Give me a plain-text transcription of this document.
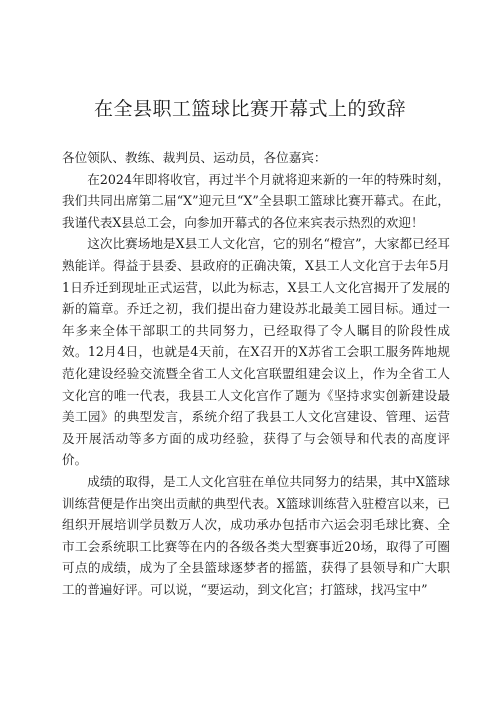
在全县职工篮球比赛开幕式上的致辞

各位领队、教练、裁判员、运动员，各位嘉宾：

在2024年即将收官，再过半个月就将迎来新的一年的特殊时刻，我们共同出席第二届“X”迎元旦“X”全县职工篮球比赛开幕式。在此，我谨代表X县总工会，向参加开幕式的各位来宾表示热烈的欢迎！

这次比赛场地是X县工人文化宫，它的别名“橙宫”，大家都已经耳熟能详。得益于县委、县政府的正确决策，X县工人文化宫于去年5月1日乔迁到现址正式运营，以此为标志，X县工人文化宫揭开了发展的新的篇章。乔迁之初，我们提出奋力建设苏北最美工园目标。通过一年多来全体干部职工的共同努力，已经取得了令人瞩目的阶段性成效。12月4日，也就是4天前，在X召开的X苏省工会职工服务阵地规范化建设经验交流暨全省工人文化宫联盟组建会议上，作为全省工人文化宫的唯一代表，我县工人文化宫作了题为《坚持求实创新建设最美工园》的典型发言，系统介绍了我县工人文化宫建设、管理、运营及开展活动等多方面的成功经验，获得了与会领导和代表的高度评价。

成绩的取得，是工人文化宫驻在单位共同努力的结果，其中X篮球训练营便是作出突出贡献的典型代表。X篮球训练营入驻橙宫以来，已组织开展培训学员数万人次，成功承办包括市六运会羽毛球比赛、全市工会系统职工比赛等在内的各级各类大型赛事近20场，取得了可圈可点的成绩，成为了全县篮球逐梦者的摇篮，获得了县领导和广大职工的普遍好评。可以说，“要运动，到文化宫；打篮球，找冯宝中”
